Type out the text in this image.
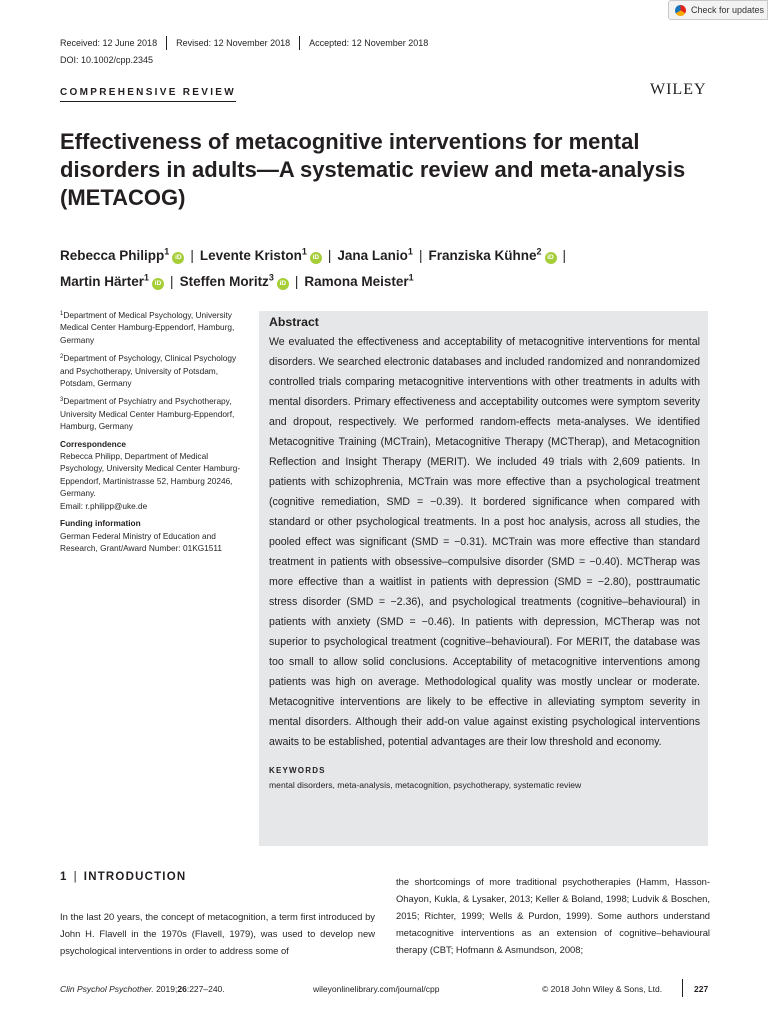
Check for updates
Received: 12 June 2018	Revised: 12 November 2018	Accepted: 12 November 2018
DOI: 10.1002/cpp.2345
COMPREHENSIVE REVIEW	WILEY
Effectiveness of metacognitive interventions for mental disorders in adults—A systematic review and meta-analysis (METACOG)
Rebecca Philipp$^1$iD | Levente Kriston$^1$iD | Jana Lanio$^1$ | Franziska Kühne$^2$iD |
Martin Härter$^1$iD | Steffen Moritz$^3$iD | Ramona Meister$^1$

$^1$Department of Medical Psychology, University Medical Center Hamburg-Eppendorf, Hamburg, Germany

$^2$Department of Psychology, Clinical Psychology and Psychotherapy, University of Potsdam, Potsdam, Germany

$^3$Department of Psychiatry and Psychotherapy, University Medical Center Hamburg-Eppendorf, Hamburg, Germany

Correspondence

Rebecca Philipp, Department of Medical Psychology, University Medical Center Hamburg-Eppendorf, Martinistrasse 52, Hamburg 20246, Germany.

Email: r.philipp@uke.de

Funding information

German Federal Ministry of Education and Research, Grant/Award Number: 01KG1511

Abstract

We evaluated the effectiveness and acceptability of metacognitive interventions for mental disorders. We searched electronic databases and included randomized and nonrandomized controlled trials comparing metacognitive interventions with other treatments in adults with mental disorders. Primary effectiveness and acceptability outcomes were symptom severity and dropout, respectively. We performed random-effects meta-analyses. We identified Metacognitive Training (MCTrain), Metacognitive Therapy (MCTherap), and Metacognition Reflection and Insight Therapy (MERIT). We included 49 trials with 2,609 patients. In patients with schizophrenia, MCTrain was more effective than a psychological treatment (cognitive remediation, SMD = −0.39). It bordered significance when compared with standard or other psychological treatments. In a post hoc analysis, across all studies, the pooled effect was significant (SMD = −0.31). MCTrain was more effective than standard treatment in patients with obsessive–compulsive disorder (SMD = −0.40). MCTherap was more effective than a waitlist in patients with depression (SMD = −2.80), posttraumatic stress disorder (SMD = −2.36), and psychological treatments (cognitive–behavioural) in patients with anxiety (SMD = −0.46). In patients with depression, MCTherap was not superior to psychological treatment (cognitive–behavioural). For MERIT, the database was too small to allow solid conclusions. Acceptability of metacognitive interventions among patients was high on average. Methodological quality was mostly unclear or moderate. Metacognitive interventions are likely to be effective in alleviating symptom severity in mental disorders. Although their add-on value against existing psychological interventions awaits to be established, potential advantages are their low threshold and economy.

KEYWORDS
mental disorders, meta-analysis, metacognition, psychotherapy, systematic review
1 | INTRODUCTION

In the last 20 years, the concept of metacognition, a term first introduced by John H. Flavell in the 1970s (Flavell, 1979), was used to develop new psychological interventions in order to address some of

the shortcomings of more traditional psychotherapies (Hamm, Hasson-Ohayon, Kukla, & Lysaker, 2013; Keller & Boland, 1998; Ludvik & Boschen, 2015; Richter, 1999; Wells & Purdon, 1999). Some authors understand metacognitive interventions as an extension of cognitive–behavioural therapy (CBT; Hofmann & Asmundson, 2008;

Clin Psychol Psychother. 2019;26:227–240.	wileyonlinelibrary.com/journal/cpp	© 2018 John Wiley & Sons, Ltd.	227
